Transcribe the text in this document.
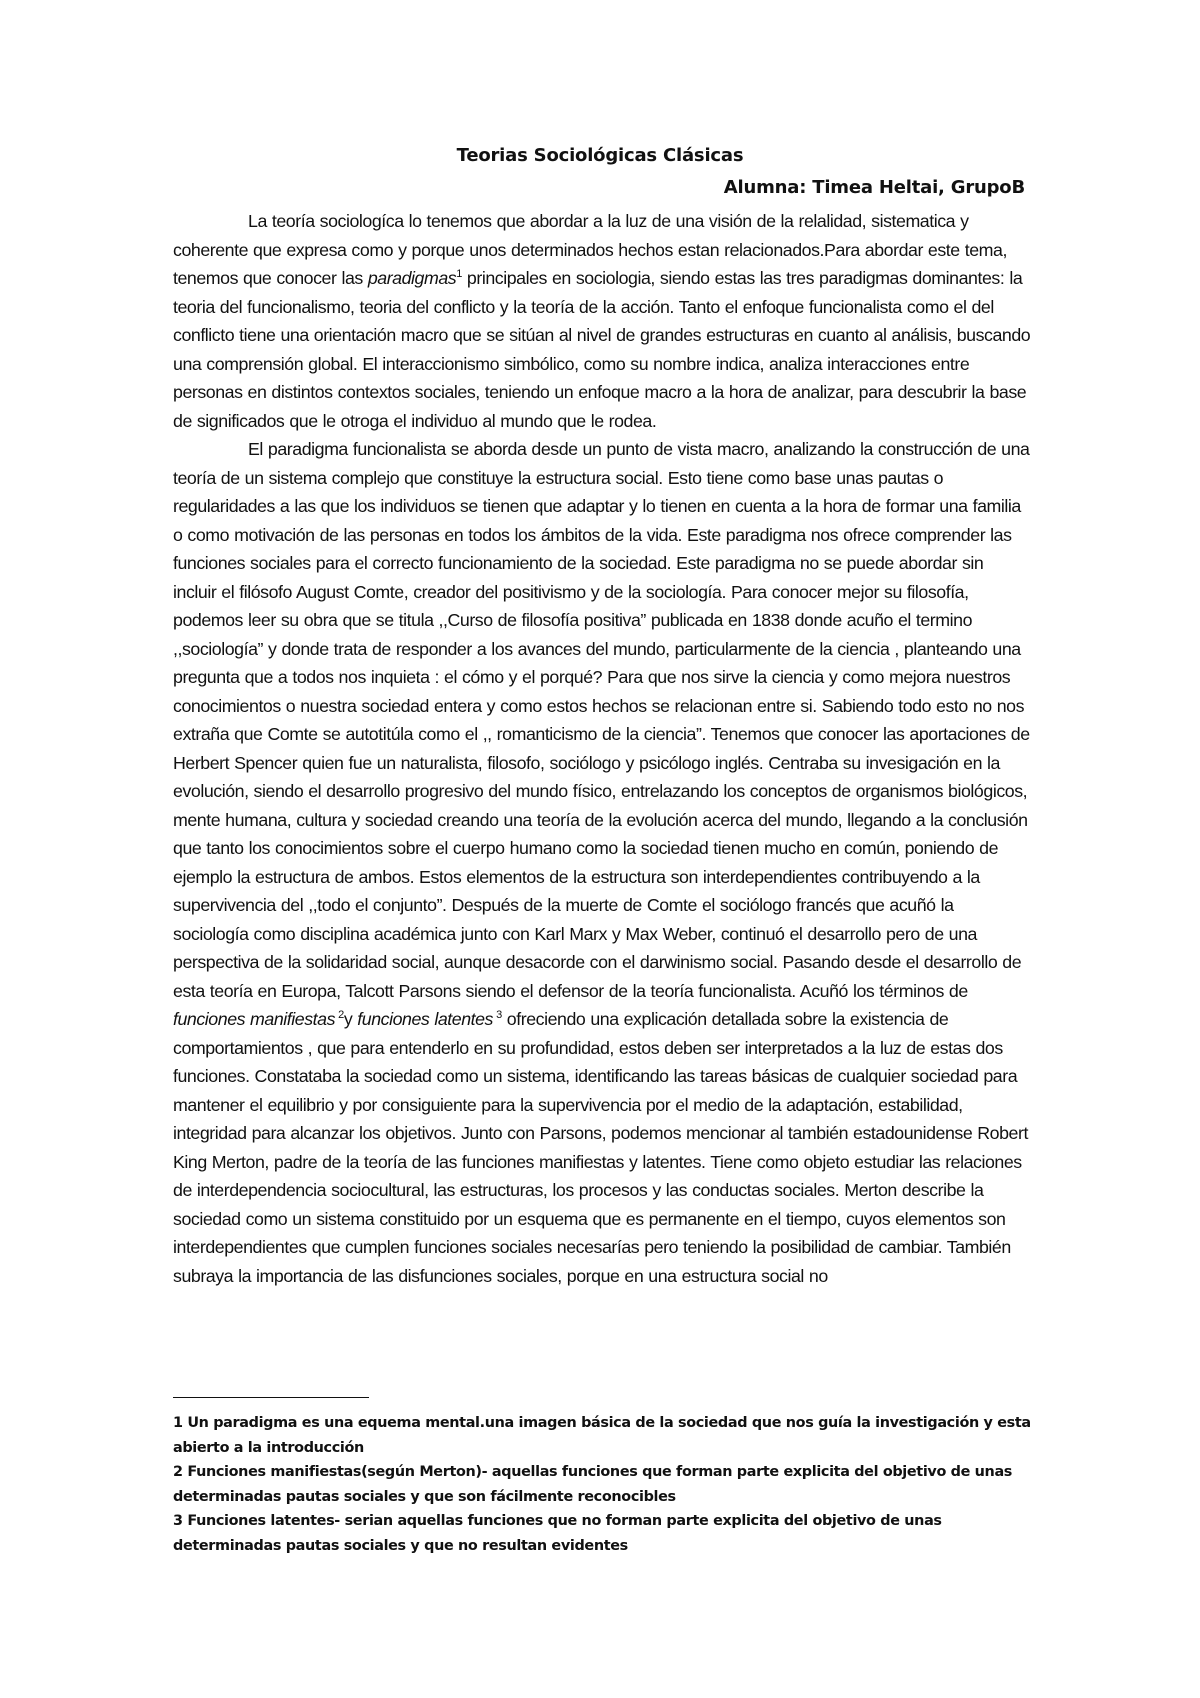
Teorias Sociológicas Clásicas
Alumna: Timea Heltai, GrupoB

La teoría sociologíca lo tenemos que abordar a la luz de una visión de la relalidad, sistematica y coherente que expresa como y porque unos determinados hechos estan relacionados.Para abordar este tema, tenemos que conocer las paradigmas$^1$ principales en sociologia, siendo estas las tres paradigmas dominantes: la teoria del funcionalismo, teoria del conflicto y la teoría de la acción. Tanto el enfoque funcionalista como el del conflicto tiene una orientación macro que se sitúan al nivel de grandes estructuras en cuanto al análisis, buscando una comprensión global. El interaccionismo simbólico, como su nombre indica, analiza interacciones entre personas en distintos contextos sociales, teniendo un enfoque macro a la hora de analizar, para descubrir la base de significados que le otroga el individuo al mundo que le rodea.

El paradigma funcionalista se aborda desde un punto de vista macro, analizando la construcción de una teoría de un sistema complejo que constituye la estructura social. Esto tiene como base unas pautas o regularidades a las que los individuos se tienen que adaptar y lo tienen en cuenta a la hora de formar una familia o como motivación de las personas en todos los ámbitos de la vida. Este paradigma nos ofrece comprender las funciones sociales para el correcto funcionamiento de la sociedad. Este paradigma no se puede abordar sin incluir el filósofo August Comte, creador del positivismo y de la sociología. Para conocer mejor su filosofía, podemos leer su obra que se titula ,,Curso de filosofía positiva” publicada en 1838 donde acuño el termino ,,sociología” y donde trata de responder a los avances del mundo, particularmente de la ciencia , planteando una pregunta que a todos nos inquieta : el cómo y el porqué? Para que nos sirve la ciencia y como mejora nuestros conocimientos o nuestra sociedad entera y como estos hechos se relacionan entre si. Sabiendo todo esto no nos extraña que Comte se autotitúla como el ,, romanticismo de la ciencia”. Tenemos que conocer las aportaciones de Herbert Spencer quien fue un naturalista, filosofo, sociólogo y psicólogo inglés. Centraba su invesigación en la evolución, siendo el desarrollo progresivo del mundo físico, entrelazando los conceptos de organismos biológicos, mente humana, cultura y sociedad creando una teoría de la evolución acerca del mundo, llegando a la conclusión que tanto los conocimientos sobre el cuerpo humano como la sociedad tienen mucho en común, poniendo de ejemplo la estructura de ambos. Estos elementos de la estructura son interdependientes contribuyendo a la supervivencia del ,,todo el conjunto”. Después de la muerte de Comte el sociólogo francés que acuñó la sociología como disciplina académica junto con Karl Marx y Max Weber, continuó el desarrollo pero de una perspectiva de la solidaridad social, aunque desacorde con el darwinismo social. Pasando desde el desarrollo de esta teoría en Europa, Talcott Parsons siendo el defensor de la teoría funcionalista. Acuñó los términos de funciones manifiestas $^2$y funciones latentes $^3$ ofreciendo una explicación detallada sobre la existencia de comportamientos , que para entenderlo en su profundidad, estos deben ser interpretados a la luz de estas dos funciones. Constataba la sociedad como un sistema, identificando las tareas básicas de cualquier sociedad para mantener el equilibrio y por consiguiente para la supervivencia por el medio de la adaptación, estabilidad, integridad para alcanzar los objetivos. Junto con Parsons, podemos mencionar al también estadounidense Robert King Merton, padre de la teoría de las funciones manifiestas y latentes. Tiene como objeto estudiar las relaciones de interdependencia sociocultural, las estructuras, los procesos y las conductas sociales. Merton describe la sociedad como un sistema constituido por un esquema que es permanente en el tiempo, cuyos elementos son interdependientes que cumplen funciones sociales necesarías pero teniendo la posibilidad de cambiar. También subraya la importancia de las disfunciones sociales, porque en una estructura social no

1 Un paradigma es una equema mental.una imagen básica de la sociedad que nos guía la investigación y esta abierto a la introducción

2 Funciones manifiestas(según Merton)- aquellas funciones que forman parte explicita del objetivo de unas determinadas pautas sociales y que son fácilmente reconocibles

3 Funciones latentes- serian aquellas funciones que no forman parte explicita del objetivo de unas determinadas pautas sociales y que no resultan evidentes
